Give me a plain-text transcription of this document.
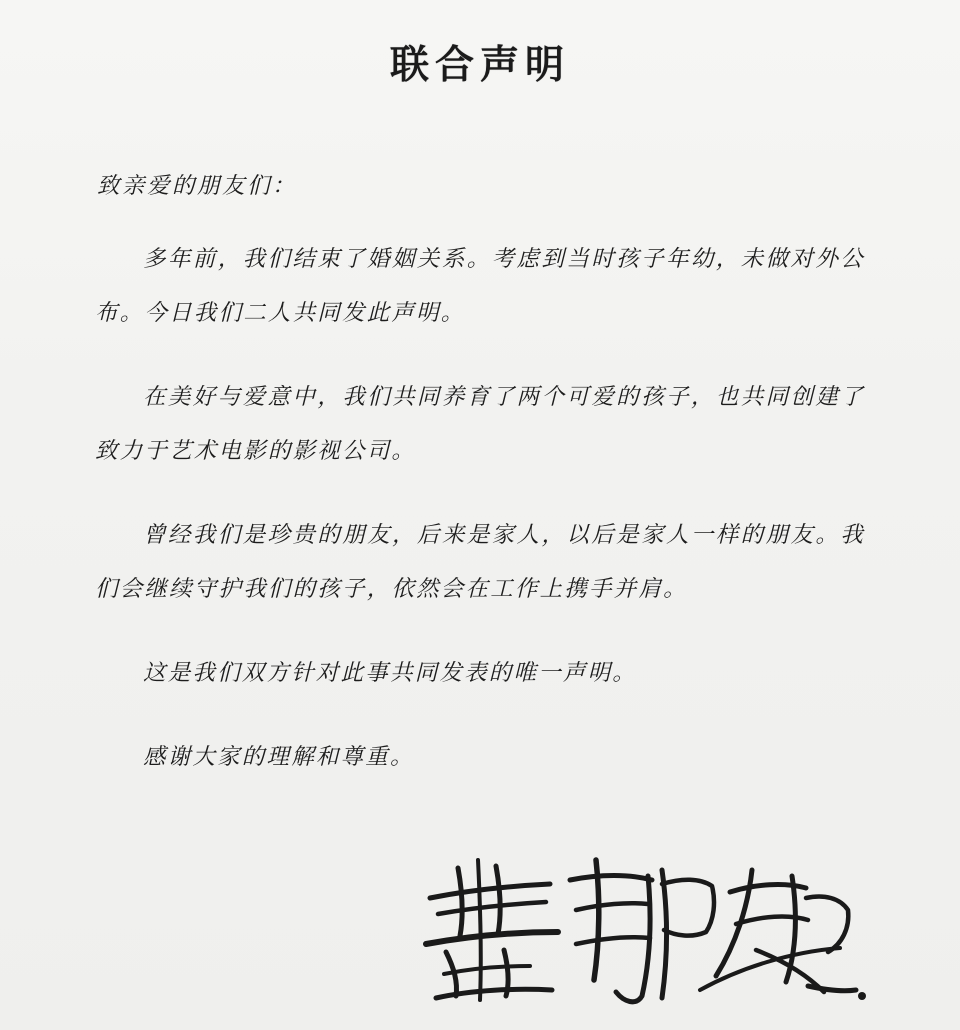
联合声明
致亲爱的朋友们：

多年前，我们结束了婚姻关系。考虑到当时孩子年幼，未做对外公布。今日我们二人共同发此声明。

在美好与爱意中，我们共同养育了两个可爱的孩子，也共同创建了致力于艺术电影的影视公司。

曾经我们是珍贵的朋友，后来是家人，以后是家人一样的朋友。我们会继续守护我们的孩子，依然会在工作上携手并肩。

这是我们双方针对此事共同发表的唯一声明。

感谢大家的理解和尊重。
